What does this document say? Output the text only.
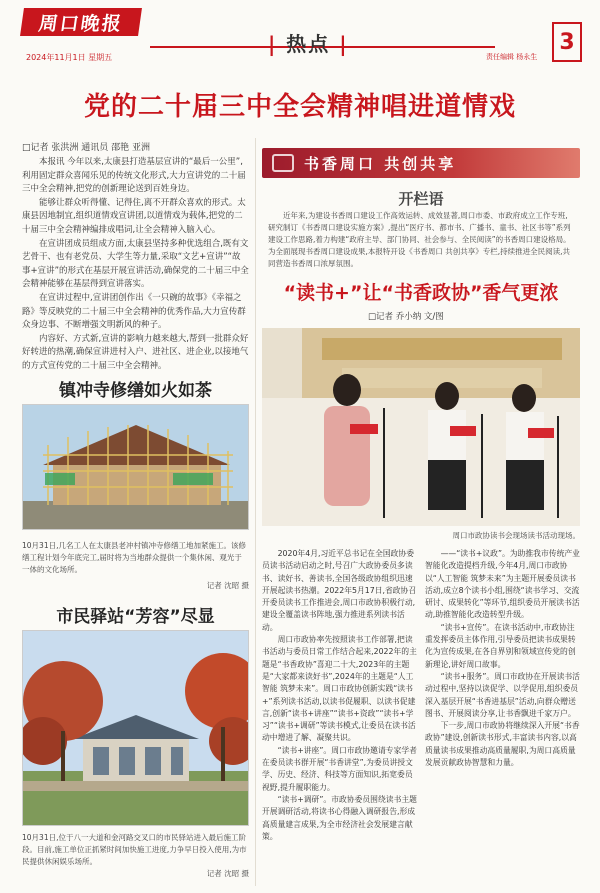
周口晚报
2024年11月1日 星期五
| 热点 |
责任编辑 杨永生
3
党的二十届三中全会精神唱进道情戏
□记者 张洪洲 通讯员 邵艳 亚洲

本报讯 今年以来,太康县打造基层宣讲的“最后一公里”,利用固定群众喜闻乐见的传统文化形式,大力宣讲党的二十届三中全会精神,把党的创新理论送到百姓身边。

能够让群众听得懂、记得住,离不开群众喜欢的形式。太康县因地制宜,组织道情戏宣讲团,以道情戏为载体,把党的二十届三中全会精神编排成唱词,让全会精神入脑入心。

在宣讲团成员组成方面,太康县坚持多种优选组合,既有文艺骨干、也有老党员、大学生等力量,采取“文艺+宣讲”“故事+宣讲”的形式在基层开展宣讲活动,确保党的二十届三中全会精神能够在基层得到宣讲落实。

在宣讲过程中,宣讲团创作出《一只碗的故事》《幸福之路》等反映党的二十届三中全会精神的优秀作品,大力宣传群众身边事、不断增强文明新风的种子。

内容好、方式新,宣讲的影响力越来越大,帮到一批群众好好转进的热潮,确保宣讲进村入户、进社区、进企业,以接地气的方式宣传党的二十届三中全会精神。

镇冲寺修缮如火如茶
10月31日,几名工人在太康县老冲村镇冲寺修缮工地加紧施工。该修缮工程计划今年底完工,届时将为当地群众提供一个集休闲、观光于一体的文化场所。
记者 沈昭 摄
市民驿站“芳容”尽显
10月31日,位于八一大道和金河路交叉口的市民驿站进入最后施工阶段。目前,施工单位正抓紧时间加快施工进度,力争早日投入使用,为市民提供休闲娱乐场所。
记者 沈昭 摄
书香周口 共创共享
开栏语
近年来,为建设书香周口建设工作高效运转、成效显著,周口市委、市政府成立工作专班,研究制订《书香周口建设实施方案》,提出“医疗书、都市书、广播书、童书、社区书等”系列建设工作思路,着力构建“政府主导、部门协同、社会参与、全民阅读”的书香周口建设格局。为全面展现书香周口建设成果,本报特开设《书香周口 共创共享》专栏,持续推进全民阅读,共同营造书香周口浓厚氛围。
“读书+”让“书香政协”香气更浓
□记者 乔小纳 文/图
周口市政协读书会现场读书活动现场。

2020年4月,习近平总书记在全国政协委员读书活动启动之时,号召广大政协委员多读书、读好书、善读书,全国各级政协组织迅速开展起读书热潮。2022年5月17日,省政协召开委员读书工作推进会,周口市政协积极行动,建设全覆盖读书阵地,强力推进系列读书活动。

周口市政协率先按照读书工作部署,把读书活动与委员日常工作结合起来,2022年的主题是“书香政协”喜迎二十大,2023年的主题是“大家都来读好书”,2024年的主题是“人工智能 筑梦未来”。周口市政协创新实践“读书+”系列读书活动,以读书促履职、以读书促建言,创新“读书+讲座”“读书+资政”“读书+学习”“读书+调研”等读书模式,让委员在读书活动中增进了解、凝聚共识。

“读书+讲座”。周口市政协邀请专家学者在委员读书群开展“书香讲堂”,为委员讲授文学、历史、经济、科技等方面知识,拓宽委员视野,提升履职能力。

“读书+调研”。市政协委员围绕读书主题开展调研活动,将读书心得融入调研报告,形成高质量建言成果,为全市经济社会发展建言献策。

——“读书+议政”。为助推我市传统产业智能化改造提档升级,今年4月,周口市政协以“人工智能 筑梦未来”为主题开展委员读书活动,成立8个读书小组,围绕“读书学习、交流研讨、成果转化”等环节,组织委员开展读书活动,助推智能化改造转型升级。

“读书+宣传”。在读书活动中,市政协注重发挥委员主体作用,引导委员把读书成果转化为宣传成果,在各自界别和领域宣传党的创新理论,讲好周口故事。

“读书+服务”。周口市政协在开展读书活动过程中,坚持以读促学、以学促用,组织委员深入基层开展“书香进基层”活动,向群众赠送图书、开展阅读分享,让书香飘进千家万户。

下一步,周口市政协将继续深入开展“书香政协”建设,创新读书形式,丰富读书内容,以高质量读书成果推动高质量履职,为周口高质量发展贡献政协智慧和力量。
